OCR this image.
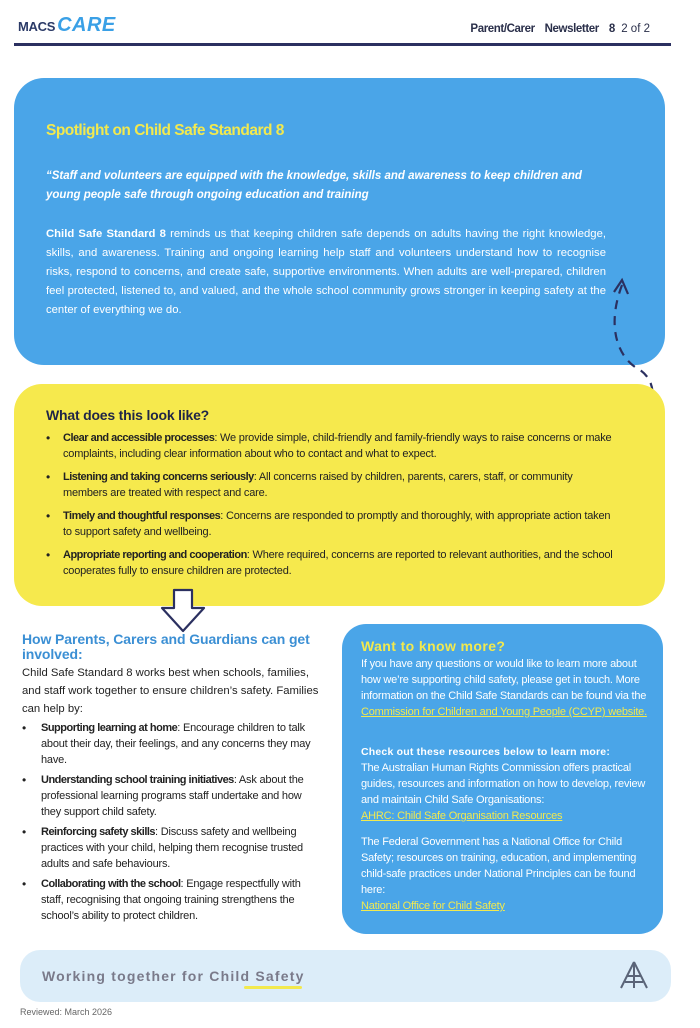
MACS CARE	Parent/Carer Newsletter 8 2 of 2
Spotlight on Child Safe Standard 8
“Staff and volunteers are equipped with the knowledge, skills and awareness to keep children and young people safe through ongoing education and training
Child Safe Standard 8 reminds us that keeping children safe depends on adults having the right knowledge, skills, and awareness. Training and ongoing learning help staff and volunteers understand how to recognise risks, respond to concerns, and create safe, supportive environments. When adults are well-prepared, children feel protected, listened to, and valued, and the whole school community grows stronger in keeping safety at the center of everything we do.
What does this look like?
• Clear and accessible processes: We provide simple, child-friendly and family-friendly ways to raise concerns or make complaints, including clear information about who to contact and what to expect.
• Listening and taking concerns seriously: All concerns raised by children, parents, carers, staff, or community members are treated with respect and care.
• Timely and thoughtful responses: Concerns are responded to promptly and thoroughly, with appropriate action taken to support safety and wellbeing.
• Appropriate reporting and cooperation: Where required, concerns are reported to relevant authorities, and the school cooperates fully to ensure children are protected.
How Parents, Carers and Guardians can get involved:
Child Safe Standard 8 works best when schools, families, and staff work together to ensure children’s safety. Families can help by:
• Supporting learning at home: Encourage children to talk about their day, their feelings, and any concerns they may have.
• Understanding school training initiatives: Ask about the professional learning programs staff undertake and how they support child safety.
• Reinforcing safety skills: Discuss safety and wellbeing practices with your child, helping them recognise trusted adults and safe behaviours.
• Collaborating with the school: Engage respectfully with staff, recognising that ongoing training strengthens the school’s ability to protect children.
Want to know more?
If you have any questions or would like to learn more about how we’re supporting child safety, please get in touch. More information on the Child Safe Standards can be found via the Commission for Children and Young People (CCYP) website.
Check out these resources below to learn more:
The Australian Human Rights Commission offers practical guides, resources and information on how to develop, review and maintain Child Safe Organisations:
AHRC: Child Safe Organisation Resources
The Federal Government has a National Office for Child Safety; resources on training, education, and implementing child-safe practices under National Principles can be found here:
National Office for Child Safety
Working together for Child Safety
Reviewed: March 2026
